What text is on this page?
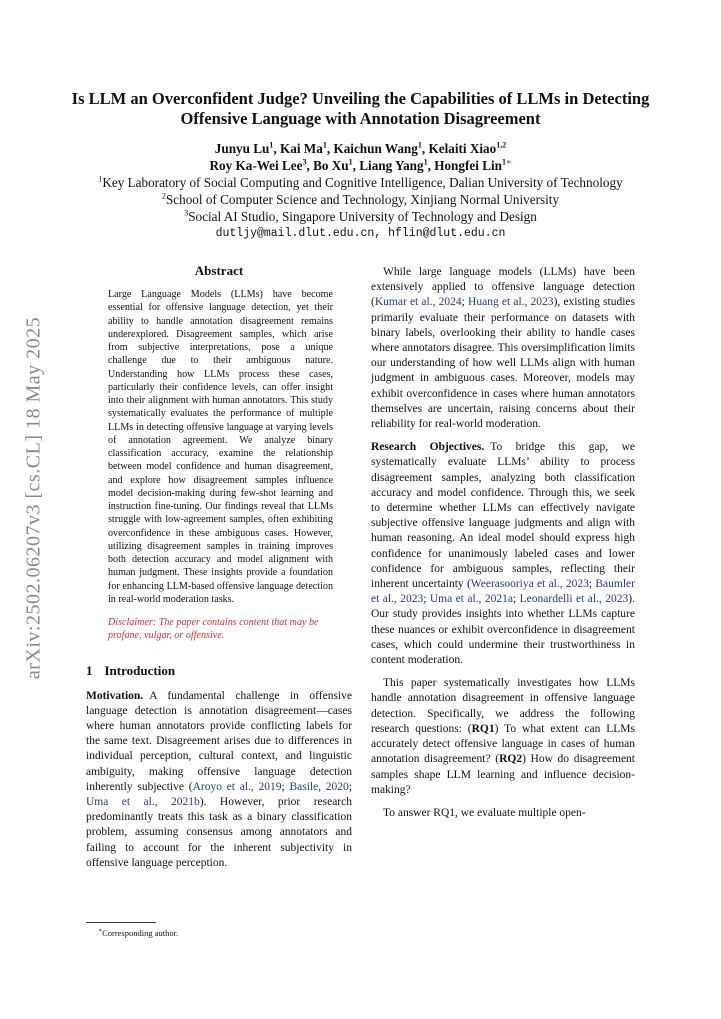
arXiv:2502.06207v3 [cs.CL] 18 May 2025
Is LLM an Overconfident Judge? Unveiling the Capabilities of LLMs in Detecting Offensive Language with Annotation Disagreement
Junyu Lu$^1$, Kai Ma$^1$, Kaichun Wang$^1$, Kelaiti Xiao$^{1,2}$
Roy Ka-Wei Lee$^3$, Bo Xu$^1$, Liang Yang$^1$, Hongfei Lin$^{1∗}$
$^1$Key Laboratory of Social Computing and Cognitive Intelligence, Dalian University of Technology
$^2$School of Computer Science and Technology, Xinjiang Normal University
$^3$Social AI Studio, Singapore University of Technology and Design
dutljy@mail.dlut.edu.cn, hflin@dlut.edu.cn
Abstract
Large Language Models (LLMs) have become essential for offensive language detection, yet their ability to handle annotation disagreement remains underexplored. Disagreement samples, which arise from subjective interpretations, pose a unique challenge due to their ambiguous nature. Understanding how LLMs process these cases, particularly their confidence levels, can offer insight into their alignment with human annotators. This study systematically evaluates the performance of multiple LLMs in detecting offensive language at varying levels of annotation agreement. We analyze binary classification accuracy, examine the relationship between model confidence and human disagreement, and explore how disagreement samples influence model decision-making during few-shot learning and instruction fine-tuning. Our findings reveal that LLMs struggle with low-agreement samples, often exhibiting overconfidence in these ambiguous cases. However, utilizing disagreement samples in training improves both detection accuracy and model alignment with human judgment. These insights provide a foundation for enhancing LLM-based offensive language detection in real-world moderation tasks.
Disclaimer: The paper contains content that may be profane, vulgar, or offensive.
1 Introduction

Motivation. A fundamental challenge in offensive language detection is annotation disagreement—cases where human annotators provide conflicting labels for the same text. Disagreement arises due to differences in individual perception, cultural context, and linguistic ambiguity, making offensive language detection inherently subjective (Aroyo et al., 2019; Basile, 2020; Uma et al., 2021b). However, prior research predominantly treats this task as a binary classification problem, assuming consensus among annotators and failing to account for the inherent subjectivity in offensive language perception.

While large language models (LLMs) have been extensively applied to offensive language detection (Kumar et al., 2024; Huang et al., 2023), existing studies primarily evaluate their performance on datasets with binary labels, overlooking their ability to handle cases where annotators disagree. This oversimplification limits our understanding of how well LLMs align with human judgment in ambiguous cases. Moreover, models may exhibit overconfidence in cases where human annotators themselves are uncertain, raising concerns about their reliability for real-world moderation.

Research Objectives. To bridge this gap, we systematically evaluate LLMs’ ability to process disagreement samples, analyzing both classification accuracy and model confidence. Through this, we seek to determine whether LLMs can effectively navigate subjective offensive language judgments and align with human reasoning. An ideal model should express high confidence for unanimously labeled cases and lower confidence for ambiguous samples, reflecting their inherent uncertainty (Weerasooriya et al., 2023; Baumler et al., 2023; Uma et al., 2021a; Leonardelli et al., 2023). Our study provides insights into whether LLMs capture these nuances or exhibit overconfidence in disagreement cases, which could undermine their trustworthiness in content moderation.

This paper systematically investigates how LLMs handle annotation disagreement in offensive language detection. Specifically, we address the following research questions: (RQ1) To what extent can LLMs accurately detect offensive language in cases of human annotation disagreement? (RQ2) How do disagreement samples shape LLM learning and influence decision-making?

To answer RQ1, we evaluate multiple open-

∗Corresponding author.
